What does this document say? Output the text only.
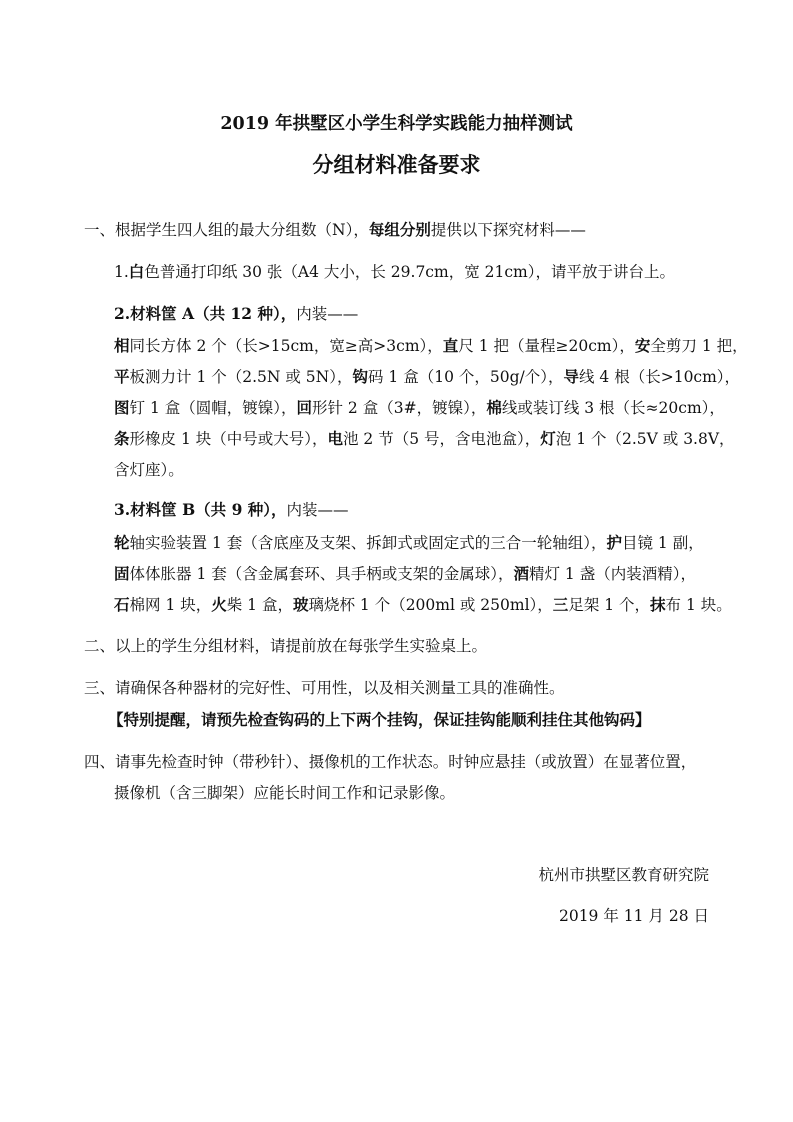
2019 年拱墅区小学生科学实践能力抽样测试
分组材料准备要求
一、根据学生四人组的最大分组数（N），每组分别提供以下探究材料——
1.白色普通打印纸 30 张（A4 大小，长 29.7cm，宽 21cm），请平放于讲台上。
2.材料筐 A（共 12 种），内装——
相同长方体 2 个（长>15cm，宽≥高>3cm），直尺 1 把（量程≥20cm），安全剪刀 1 把，
平板测力计 1 个（2.5N 或 5N），钩码 1 盒（10 个，50g/个），导线 4 根（长>10cm），
图钉 1 盒（圆帽，镀镍），回形针 2 盒（3#，镀镍），棉线或装订线 3 根（长≈20cm），
条形橡皮 1 块（中号或大号），电池 2 节（5 号，含电池盒），灯泡 1 个（2.5V 或 3.8V，
含灯座）。
3.材料筐 B（共 9 种），内装——
轮轴实验装置 1 套（含底座及支架、拆卸式或固定式的三合一轮轴组），护目镜 1 副，
固体体胀器 1 套（含金属套环、具手柄或支架的金属球），酒精灯 1 盏（内装酒精），
石棉网 1 块，火柴 1 盒，玻璃烧杯 1 个（200ml 或 250ml），三足架 1 个，抹布 1 块。
二、以上的学生分组材料，请提前放在每张学生实验桌上。
三、请确保各种器材的完好性、可用性，以及相关测量工具的准确性。
【特别提醒，请预先检查钩码的上下两个挂钩，保证挂钩能顺利挂住其他钩码】
四、请事先检查时钟（带秒针）、摄像机的工作状态。时钟应悬挂（或放置）在显著位置，
摄像机（含三脚架）应能长时间工作和记录影像。
杭州市拱墅区教育研究院
2019 年 11 月 28 日
